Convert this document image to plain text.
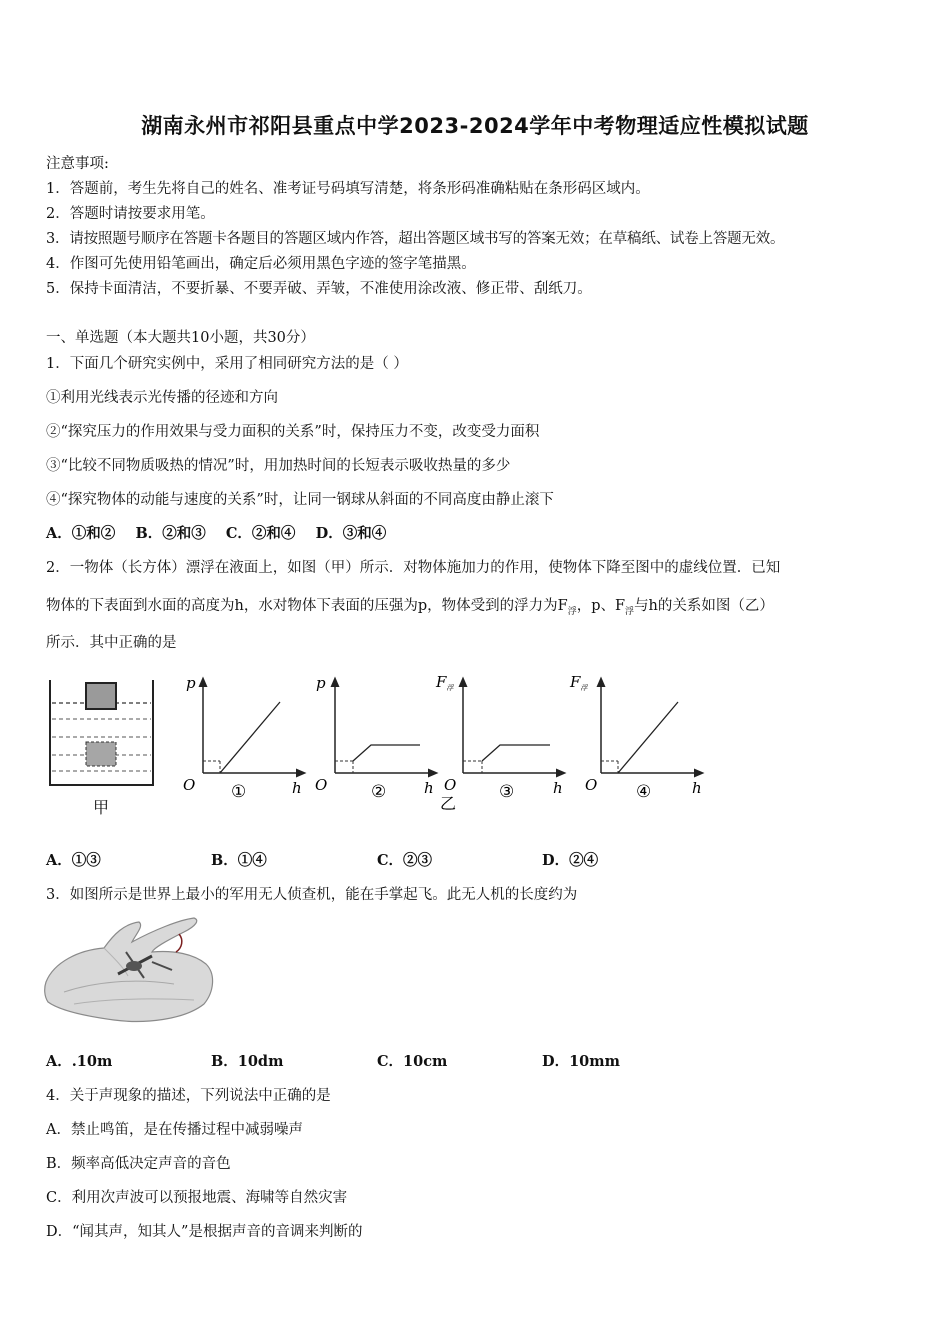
湖南永州市祁阳县重点中学2023-2024学年中考物理适应性模拟试题
注意事项:
1．答题前，考生先将自己的姓名、准考证号码填写清楚，将条形码准确粘贴在条形码区域内。
2．答题时请按要求用笔。
3．请按照题号顺序在答题卡各题目的答题区域内作答，超出答题区域书写的答案无效；在草稿纸、试卷上答题无效。
4．作图可先使用铅笔画出，确定后必须用黑色字迹的签字笔描黑。
5．保持卡面清洁，不要折暴、不要弄破、弄皱，不准使用涂改液、修正带、刮纸刀。
一、单选题（本大题共10小题，共30分）
1．下面几个研究实例中，采用了相同研究方法的是（ ）
①利用光线表示光传播的径迹和方向
②“探究压力的作用效果与受力面积的关系”时，保持压力不变，改变受力面积
③“比较不同物质吸热的情况”时，用加热时间的长短表示吸收热量的多少
④“探究物体的动能与速度的关系”时，让同一钢球从斜面的不同高度由静止滚下
A．①和②    B．②和③    C．②和④    D．③和④
2．一物体（长方体）漂浮在液面上，如图（甲）所示．对物体施加力的作用，使物体下降至图中的虚线位置．已知
物体的下表面到水面的高度为h，水对物体下表面的压强为p，物体受到的浮力为$F_浮$，p、$F_浮$与h的关系如图（乙）
所示．其中正确的是
甲
p
O	h
①
p
O	h
②
$F_浮$
O	h
乙
③
$F_浮$
O	h
④
A．①③	B．①④	C．②③	D．②④
3．如图所示是世界上最小的军用无人侦查机，能在手掌起飞。此无人机的长度约为
A．.10m	B．10dm	C．10cm	D．10mm
4．关于声现象的描述，下列说法中正确的是
A．禁止鸣笛，是在传播过程中减弱噪声
B．频率高低决定声音的音色
C．利用次声波可以预报地震、海啸等自然灾害
D．“闻其声，知其人”是根据声音的音调来判断的
